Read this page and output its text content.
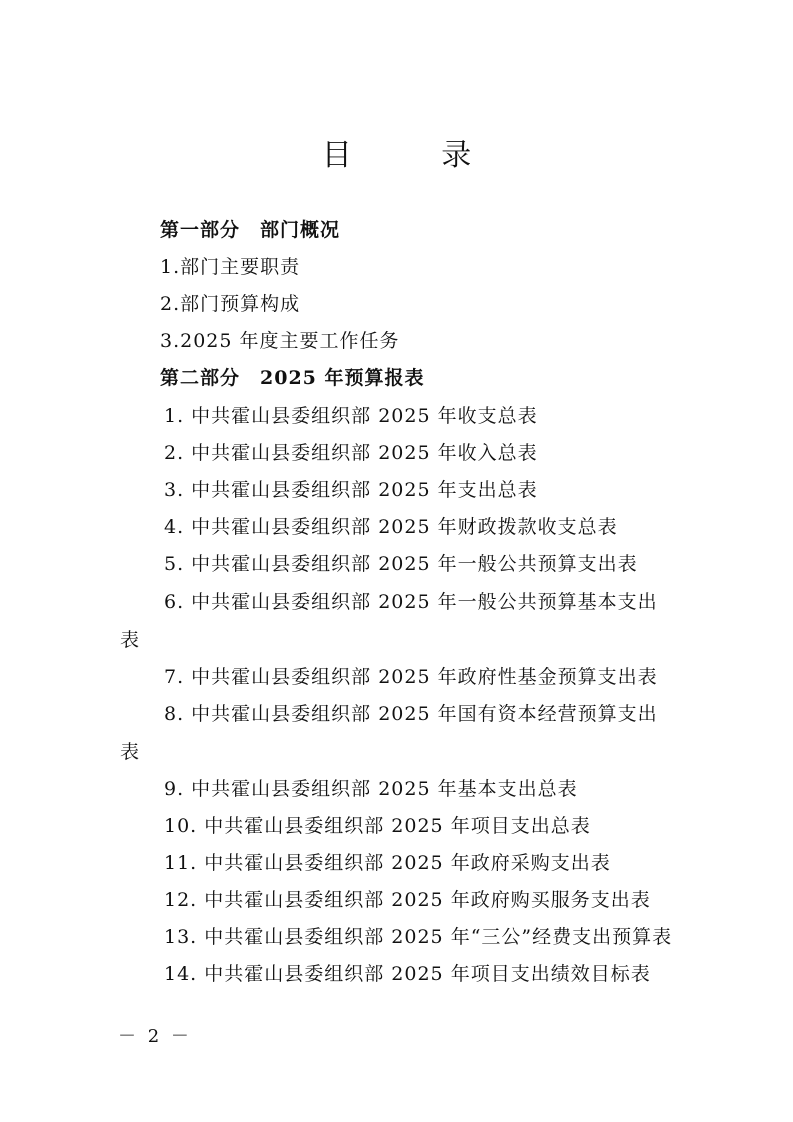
目 录
第一部分　部门概况
1.部门主要职责
2.部门预算构成
3.2025 年度主要工作任务
第二部分　2025 年预算报表
1. 中共霍山县委组织部 2025 年收支总表
2. 中共霍山县委组织部 2025 年收入总表
3. 中共霍山县委组织部 2025 年支出总表
4. 中共霍山县委组织部 2025 年财政拨款收支总表
5. 中共霍山县委组织部 2025 年一般公共预算支出表
6. 中共霍山县委组织部 2025 年一般公共预算基本支出
表
7. 中共霍山县委组织部 2025 年政府性基金预算支出表
8. 中共霍山县委组织部 2025 年国有资本经营预算支出
表
9. 中共霍山县委组织部 2025 年基本支出总表
10. 中共霍山县委组织部 2025 年项目支出总表
11. 中共霍山县委组织部 2025 年政府采购支出表
12. 中共霍山县委组织部 2025 年政府购买服务支出表
13. 中共霍山县委组织部 2025 年“三公”经费支出预算表
14. 中共霍山县委组织部 2025 年项目支出绩效目标表
－ 2 －
